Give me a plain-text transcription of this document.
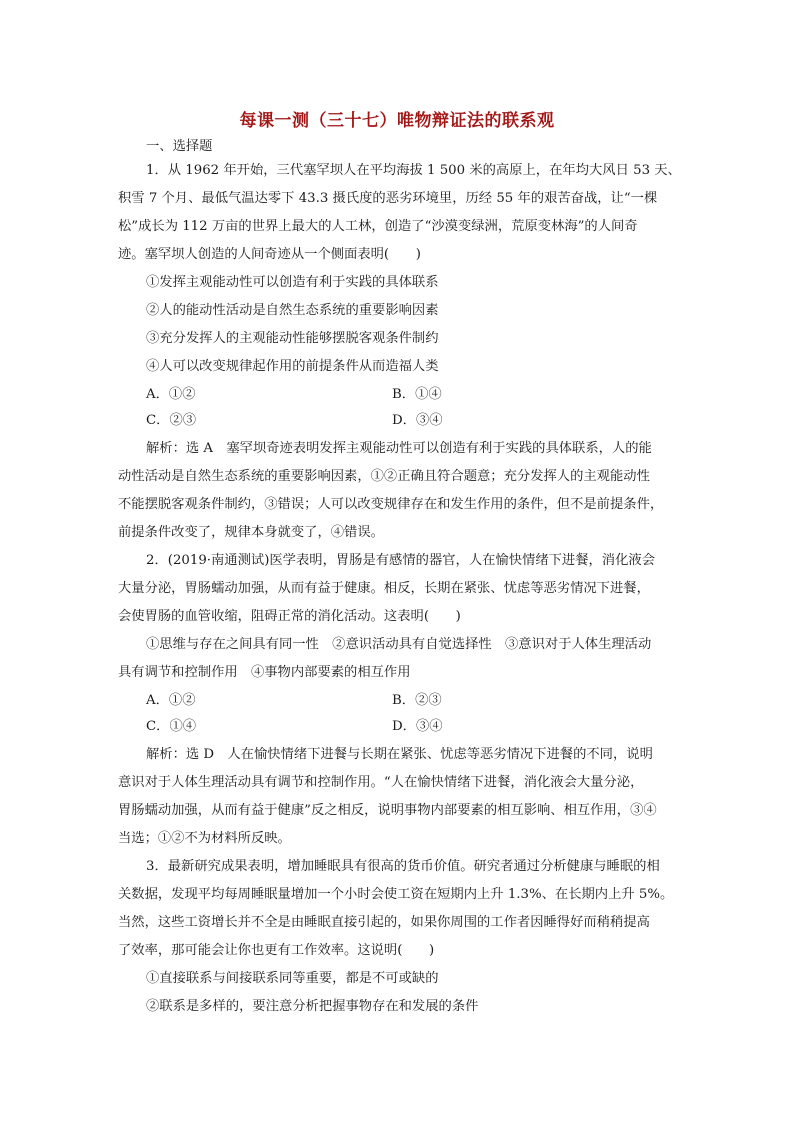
每课一测（三十七）唯物辩证法的联系观
一、选择题
1．从 1962 年开始，三代塞罕坝人在平均海拔 1 500 米的高原上，在年均大风日 53 天、
积雪 7 个月、最低气温达零下 43.3 摄氏度的恶劣环境里，历经 55 年的艰苦奋战，让“一棵
松”成长为 112 万亩的世界上最大的人工林，创造了“沙漠变绿洲，荒原变林海”的人间奇
迹。塞罕坝人创造的人间奇迹从一个侧面表明(　　)
①发挥主观能动性可以创造有利于实践的具体联系
②人的能动性活动是自然生态系统的重要影响因素
③充分发挥人的主观能动性能够摆脱客观条件制约
④人可以改变规律起作用的前提条件从而造福人类
A．①②	B．①④
C．②③	D．③④
解析：选 A　塞罕坝奇迹表明发挥主观能动性可以创造有利于实践的具体联系，人的能
动性活动是自然生态系统的重要影响因素，①②正确且符合题意；充分发挥人的主观能动性
不能摆脱客观条件制约，③错误；人可以改变规律存在和发生作用的条件，但不是前提条件，
前提条件改变了，规律本身就变了，④错误。
2．(2019·南通测试)医学表明，胃肠是有感情的器官，人在愉快情绪下进餐，消化液会
大量分泌，胃肠蠕动加强，从而有益于健康。相反，长期在紧张、忧虑等恶劣情况下进餐，
会使胃肠的血管收缩，阻碍正常的消化活动。这表明(　　)
①思维与存在之间具有同一性　②意识活动具有自觉选择性　③意识对于人体生理活动
具有调节和控制作用　④事物内部要素的相互作用
A．①②	B．②③
C．①④	D．③④
解析：选 D　人在愉快情绪下进餐与长期在紧张、忧虑等恶劣情况下进餐的不同，说明
意识对于人体生理活动具有调节和控制作用。“人在愉快情绪下进餐，消化液会大量分泌，
胃肠蠕动加强，从而有益于健康”反之相反，说明事物内部要素的相互影响、相互作用，③④
当选；①②不为材料所反映。
3．最新研究成果表明，增加睡眠具有很高的货币价值。研究者通过分析健康与睡眠的相
关数据，发现平均每周睡眠量增加一个小时会使工资在短期内上升 1.3%、在长期内上升 5%。
当然，这些工资增长并不全是由睡眠直接引起的，如果你周围的工作者因睡得好而稍稍提高
了效率，那可能会让你也更有工作效率。这说明(　　)
①直接联系与间接联系同等重要，都是不可或缺的
②联系是多样的，要注意分析把握事物存在和发展的条件
